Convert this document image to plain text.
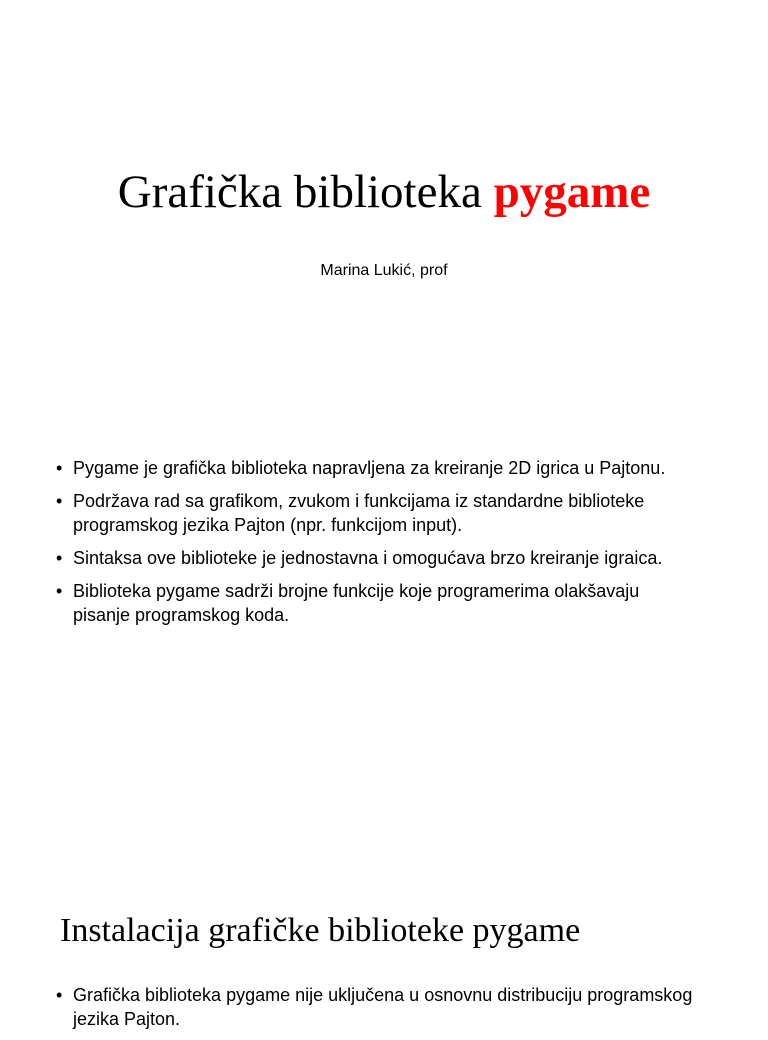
Grafička biblioteka pygame
Marina Lukić, prof
• Pygame je grafička biblioteka napravljena za kreiranje 2D igrica u Pajtonu.
• Podržava rad sa grafikom, zvukom i funkcijama iz standardne biblioteke programskog jezika Pajton (npr. funkcijom input).
• Sintaksa ove biblioteke je jednostavna i omogućava brzo kreiranje igraica.
• Biblioteka pygame sadrži brojne funkcije koje programerima olakšavaju pisanje programskog koda.
Instalacija grafičke biblioteke pygame
• Grafička biblioteka pygame nije uključena u osnovnu distribuciju programskog jezika Pajton.
